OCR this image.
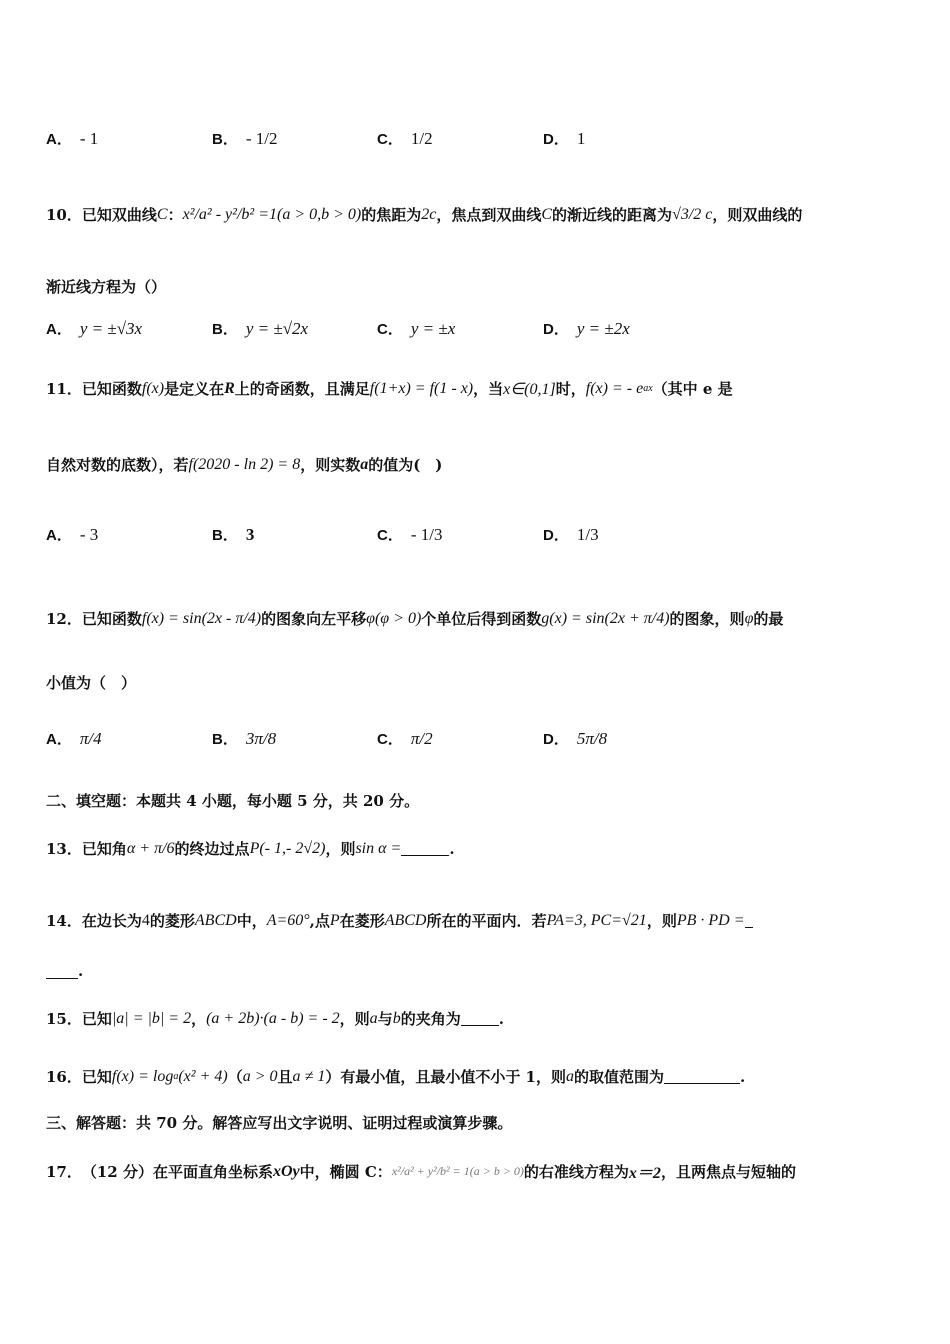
A． - 1	B． - 1/2	C． 1/2	D． 1
10． 已知双曲线 C ： x²/a² - y²/b² =1(a > 0,b > 0) 的焦距为 2c ，焦点到双曲线 C 的渐近线的距离为 √3/2 c ，则双曲线的
渐近线方程为（）
A． y = ±√3x	B． y = ±√2x	C． y = ±x	D． y = ±2x
11． 已知函数 f(x) 是定义在 R 上的奇函数，且满足 f(1+x) = f(1 - x) ，当 x∈(0,1] 时， f(x) = - e ax （其中 e 是
自然对数的底数），若 f(2020 - ln 2) = 8 ，则实数 a 的值为(　)
A． - 3	B． 3	C． - 1/3	D． 1/3
12． 已知函数 f(x) = sin(2x - π/4) 的图象向左平移 φ(φ > 0) 个单位后得到函数 g(x) = sin(2x + π/4) 的图象，则 φ 的最
小值为（　）
A． π/4	B． 3π/8	C． π/2	D． 5π/8
二、填空题：本题共 4 小题，每小题 5 分，共 20 分。
13． 已知角 α + π/6 的终边过点 P(- 1,- 2√2) ，则 sin α =	.
14． 在边长为 4 的菱形 ABCD 中， A=60° ,点 P 在菱形 ABCD 所在的平面内．若 PA=3, PC=√21 ，则 PB · PD =
.
15． 已知 |a| = |b| = 2 ， (a + 2b)·(a - b) = - 2 ，则 a 与 b 的夹角为	.
16． 已知 f(x) = log a (x² + 4) （ a > 0 且 a ≠ 1 ）有最小值，且最小值不小于 1，则 a 的取值范围为	.
三、解答题：共 70 分。解答应写出文字说明、证明过程或演算步骤。
17． （12 分）在平面直角坐标系 xOy 中，椭圆 C： x²/a² + y²/b² = 1(a > b > 0) 的右准线方程为 x＝2 ，且两焦点与短轴的
